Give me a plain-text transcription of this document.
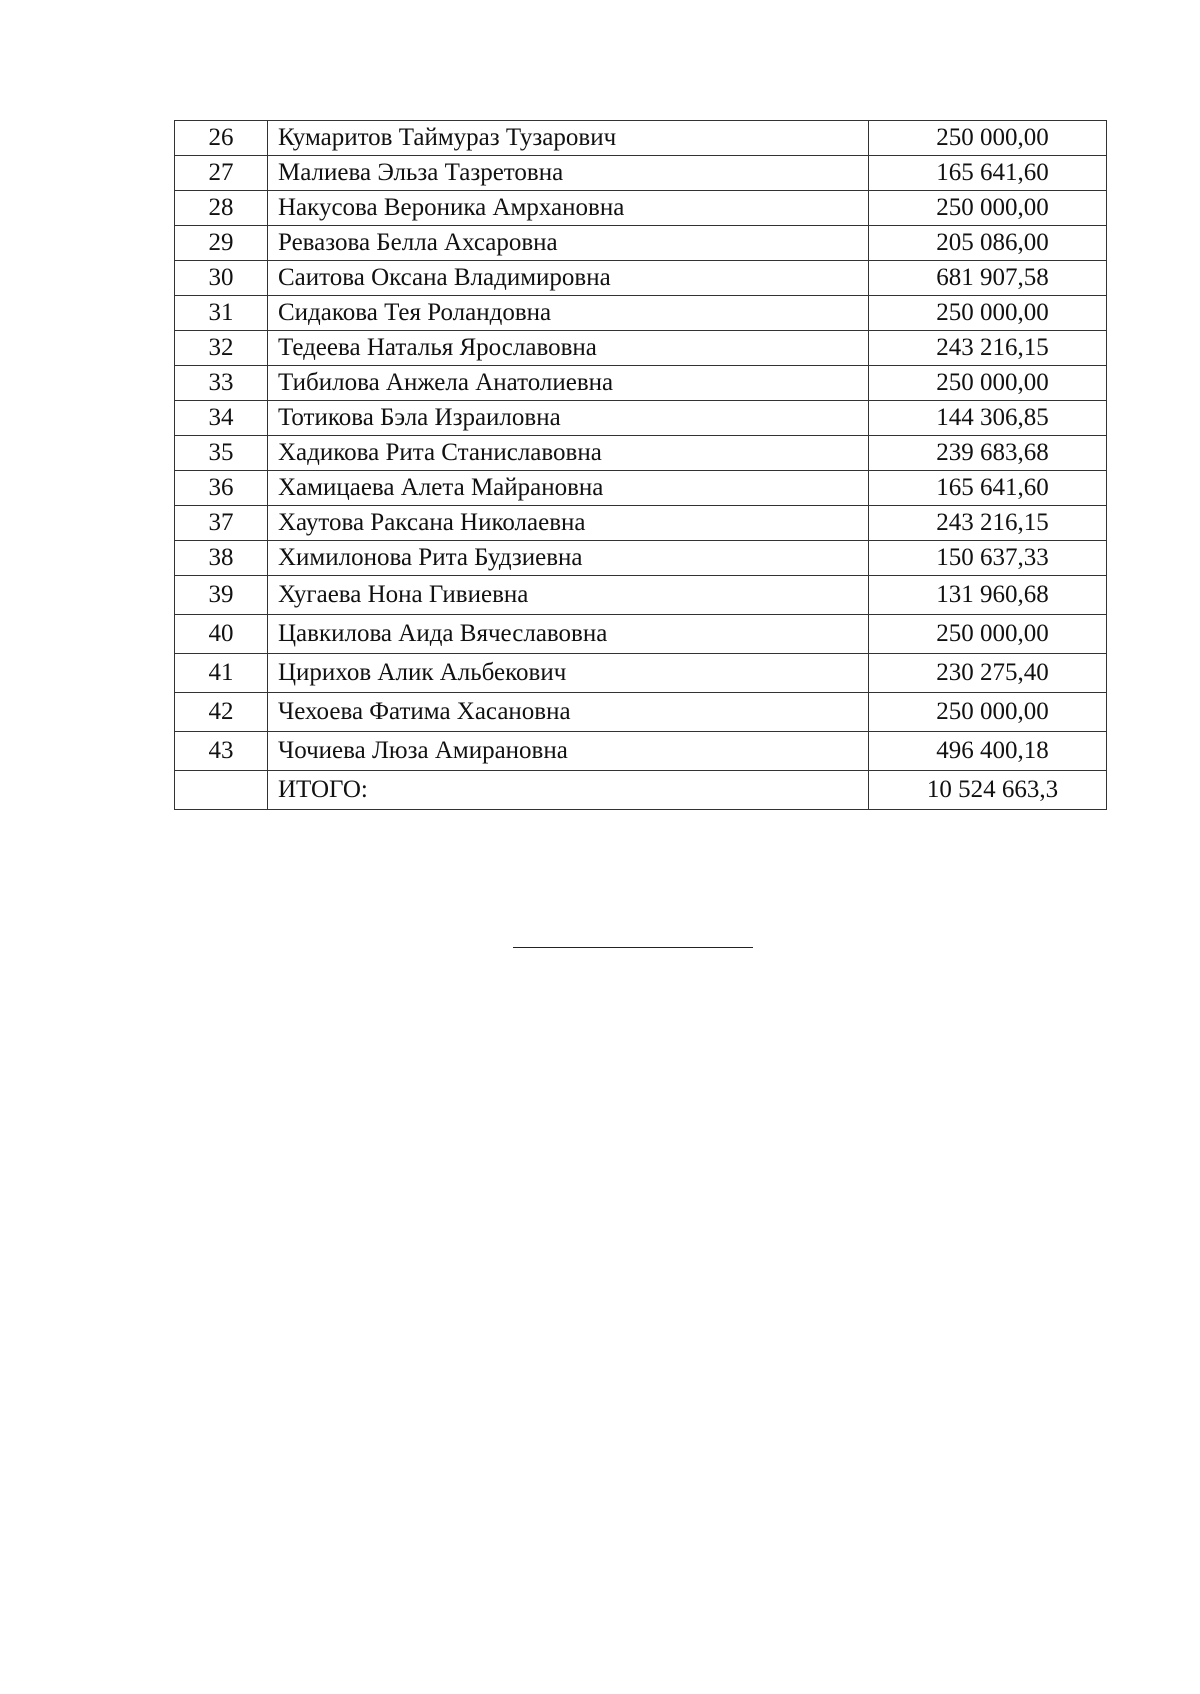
26	Кумаритов Таймураз Тузарович	250 000,00
27	Малиева Эльза Тазретовна	165 641,60
28	Накусова Вероника Амрхановна	250 000,00
29	Ревазова Белла Ахсаровна	205 086,00
30	Саитова Оксана Владимировна	681 907,58
31	Сидакова Тея Роландовна	250 000,00
32	Тедеева Наталья Ярославовна	243 216,15
33	Тибилова Анжела Анатолиевна	250 000,00
34	Тотикова Бэла Израиловна	144 306,85
35	Хадикова Рита Станиславовна	239 683,68
36	Хамицаева Алета Майрановна	165 641,60
37	Хаутова Раксана Николаевна	243 216,15
38	Химилонова Рита Будзиевна	150 637,33
39	Хугаева Нона Гивиевна	131 960,68
40	Цавкилова Аида Вячеславовна	250 000,00
41	Цирихов Алик Альбекович	230 275,40
42	Чехоева Фатима Хасановна	250 000,00
43	Чочиева Люза Амирановна	496 400,18
	ИТОГО:	10 524 663,3
